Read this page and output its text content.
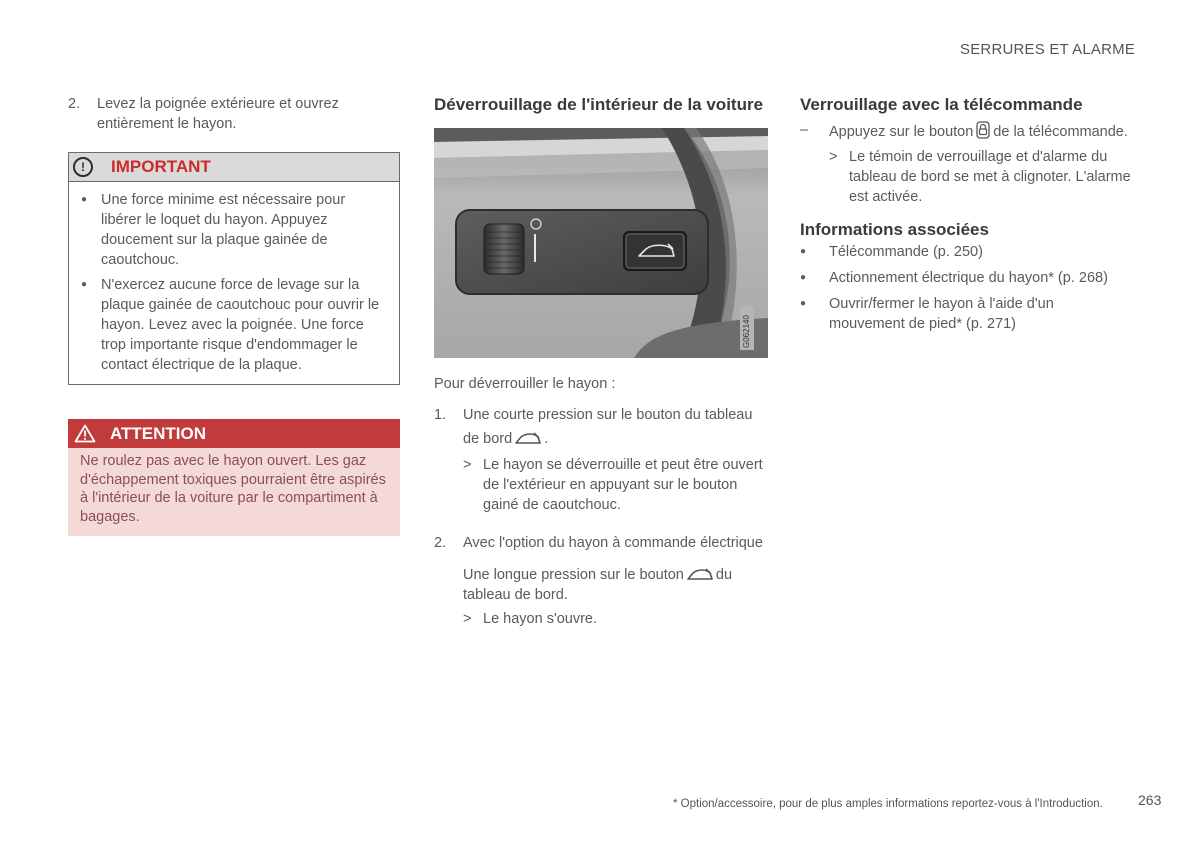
SERRURES ET ALARME
2.	Levez la poignée extérieure et ouvrez entièrement le hayon.
!	IMPORTANT
● Une force minime est nécessaire pour libérer le loquet du hayon. Appuyez doucement sur la plaque gainée de caoutchouc.
● N'exercez aucune force de levage sur la plaque gainée de caoutchouc pour ouvrir le hayon. Levez avec la poignée. Une force trop importante risque d'endommager le contact électrique de la plaque.
ATTENTION
Ne roulez pas avec le hayon ouvert. Les gaz d'échappement toxiques pourraient être aspirés à l'intérieur de la voiture par le compartiment à bagages.
Déverrouillage de l'intérieur de la voiture
G062140
Pour déverrouiller le hayon :
1.	Une courte pression sur le bouton du tableau de bord .
> Le hayon se déverrouille et peut être ouvert de l'extérieur en appuyant sur le bouton gainé de caoutchouc.
2.	Avec l'option du hayon à commande électrique
Une longue pression sur le bouton du tableau de bord.
> Le hayon s'ouvre.
Verrouillage avec la télécommande
–	Appuyez sur le bouton de la télécommande.
> Le témoin de verrouillage et d'alarme du tableau de bord se met à clignoter. L'alarme est activée.
Informations associées
●	Télécommande (p. 250)
●	Actionnement électrique du hayon* (p. 268)
●	Ouvrir/fermer le hayon à l'aide d'un mouvement de pied* (p. 271)
* Option/accessoire, pour de plus amples informations reportez-vous à l'Introduction.	263
